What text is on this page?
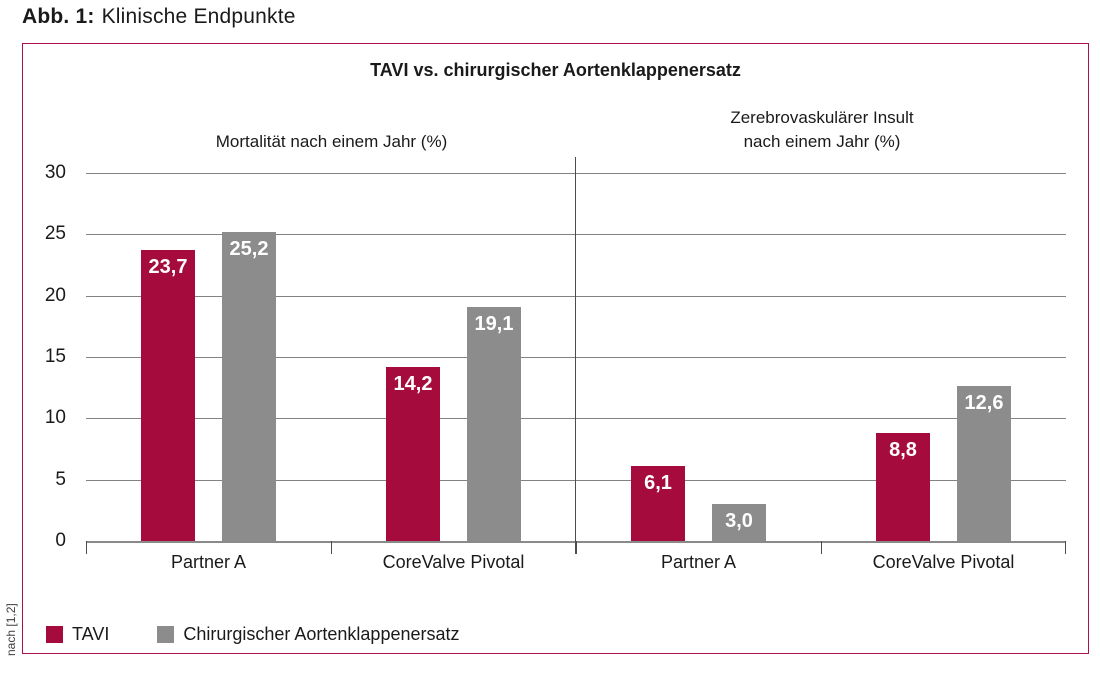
Abb. 1: Klinische Endpunkte
nach [1,2]
TAVI vs. chirurgischer Aortenklappenersatz
Mortalität nach einem Jahr (%)
Zerebrovaskulärer Insult
nach einem Jahr (%)
0
5
10
15
20
25
30
23,7
25,2
Partner A
14,2
19,1
CoreValve Pivotal
6,1
3,0
Partner A
8,8
12,6
CoreValve Pivotal
TAVI	Chirurgischer Aortenklappenersatz
